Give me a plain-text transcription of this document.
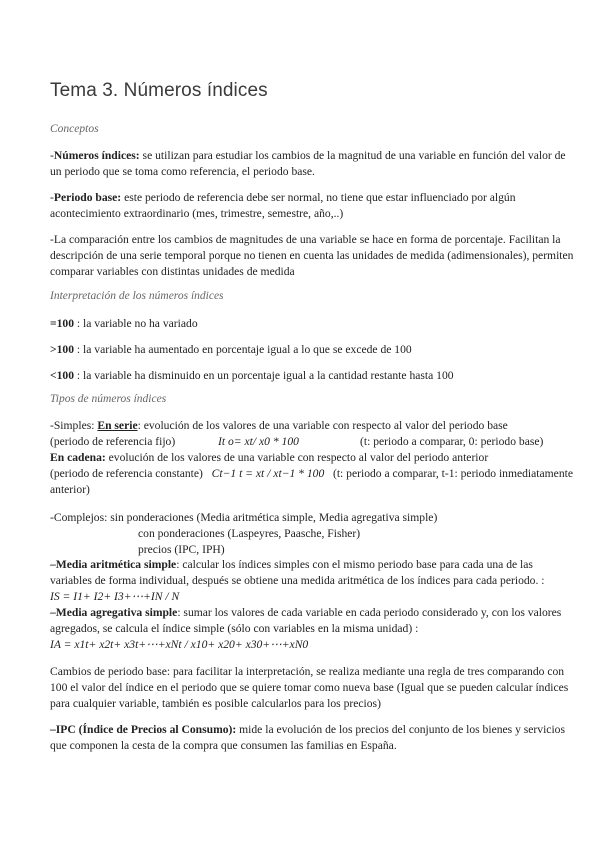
Tema 3. Números índices
Conceptos
-Números índices: se utilizan para estudiar los cambios de la magnitud de una variable en función del valor de un periodo que se toma como referencia, el periodo base.
-Periodo base: este periodo de referencia debe ser normal, no tiene que estar influenciado por algún acontecimiento extraordinario (mes, trimestre, semestre, año,..)
-La comparación entre los cambios de magnitudes de una variable se hace en forma de porcentaje. Facilitan la descripción de una serie temporal porque no tienen en cuenta las unidades de medida (adimensionales), permiten comparar variables con distintas unidades de medida
Interpretación de los números índices
=100 : la variable no ha variado
>100 : la variable ha aumentado en porcentaje igual a lo que se excede de 100
<100 : la variable ha disminuido en un porcentaje igual a la cantidad restante hasta 100
Tipos de números índices
-Simples: En serie: evolución de los valores de una variable con respecto al valor del periodo base
(periodo de referencia fijo)	It o= xt/ x0 * 100	(t: periodo a comparar, 0: periodo base)
En cadena: evolución de los valores de una variable con respecto al valor del periodo anterior
(periodo de referencia constante) Ct−1 t = xt / xt−1 * 100 (t: periodo a comparar, t-1: periodo inmediatamente anterior)
-Complejos: sin ponderaciones (Media aritmética simple, Media agregativa simple)
con ponderaciones (Laspeyres, Paasche, Fisher)
precios (IPC, IPH)
–Media aritmética simple: calcular los índices simples con el mismo periodo base para cada una de las variables de forma individual, después se obtiene una medida aritmética de los índices para cada periodo. :
IS = I1+ I2+ I3+⋯+IN / N
–Media agregativa simple: sumar los valores de cada variable en cada periodo considerado y, con los valores agregados, se calcula el índice simple (sólo con variables en la misma unidad) :
IA = x1t+ x2t+ x3t+⋯+xNt / x10+ x20+ x30+⋯+xN0
Cambios de periodo base: para facilitar la interpretación, se realiza mediante una regla de tres comparando con 100 el valor del índice en el periodo que se quiere tomar como nueva base (Igual que se pueden calcular índices para cualquier variable, también es posible calcularlos para los precios)
–IPC (Índice de Precios al Consumo): mide la evolución de los precios del conjunto de los bienes y servicios que componen la cesta de la compra que consumen las familias en España.
